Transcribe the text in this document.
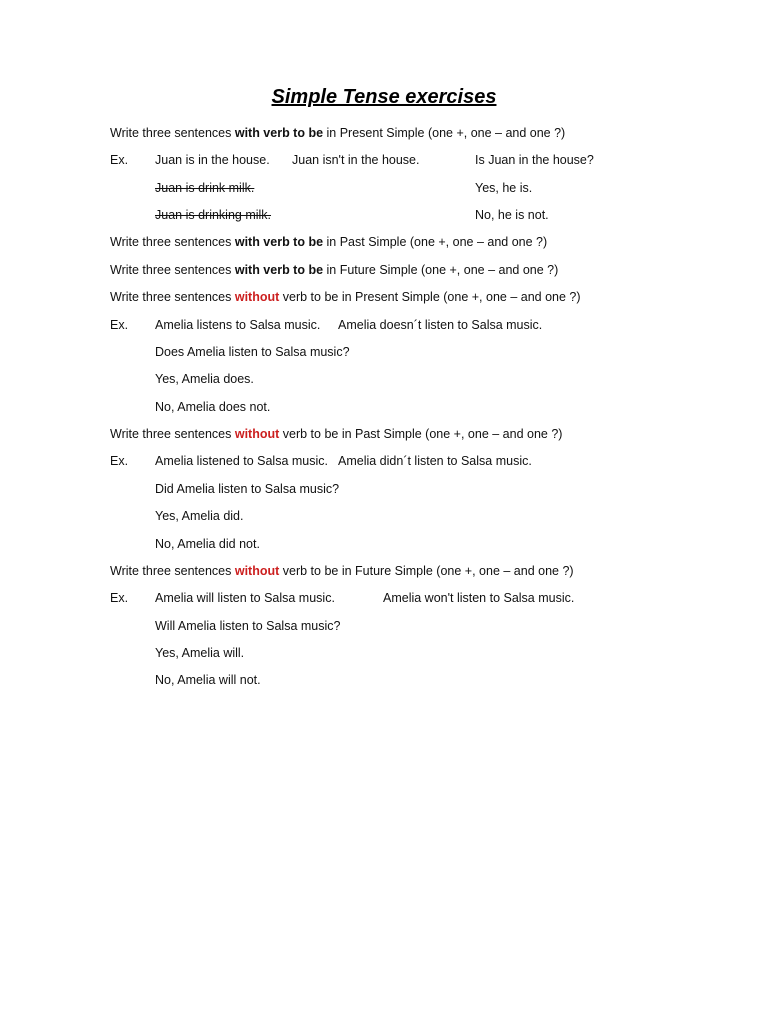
Simple Tense exercises
Write three sentences with verb to be in Present Simple (one +, one – and one ?)
Ex. Juan is in the house. Juan isn't in the house.	Is Juan in the house?
Juan is drink milk.	Yes, he is.
Juan is drinking milk.	No, he is not.
Write three sentences with verb to be in Past Simple (one +, one – and one ?)
Write three sentences with verb to be in Future Simple (one +, one – and one ?)
Write three sentences without verb to be in Present Simple (one +, one – and one ?)
Ex. Amelia listens to Salsa music. Amelia doesn´t listen to Salsa music.
Does Amelia listen to Salsa music?
Yes, Amelia does.
No, Amelia does not.
Write three sentences without verb to be in Past Simple (one +, one – and one ?)
Ex. Amelia listened to Salsa music. Amelia didn´t listen to Salsa music.
Did Amelia listen to Salsa music?
Yes, Amelia did.
No, Amelia did not.
Write three sentences without verb to be in Future Simple (one +, one – and one ?)
Ex. Amelia will listen to Salsa music.	Amelia won't listen to Salsa music.
Will Amelia listen to Salsa music?
Yes, Amelia will.
No, Amelia will not.
